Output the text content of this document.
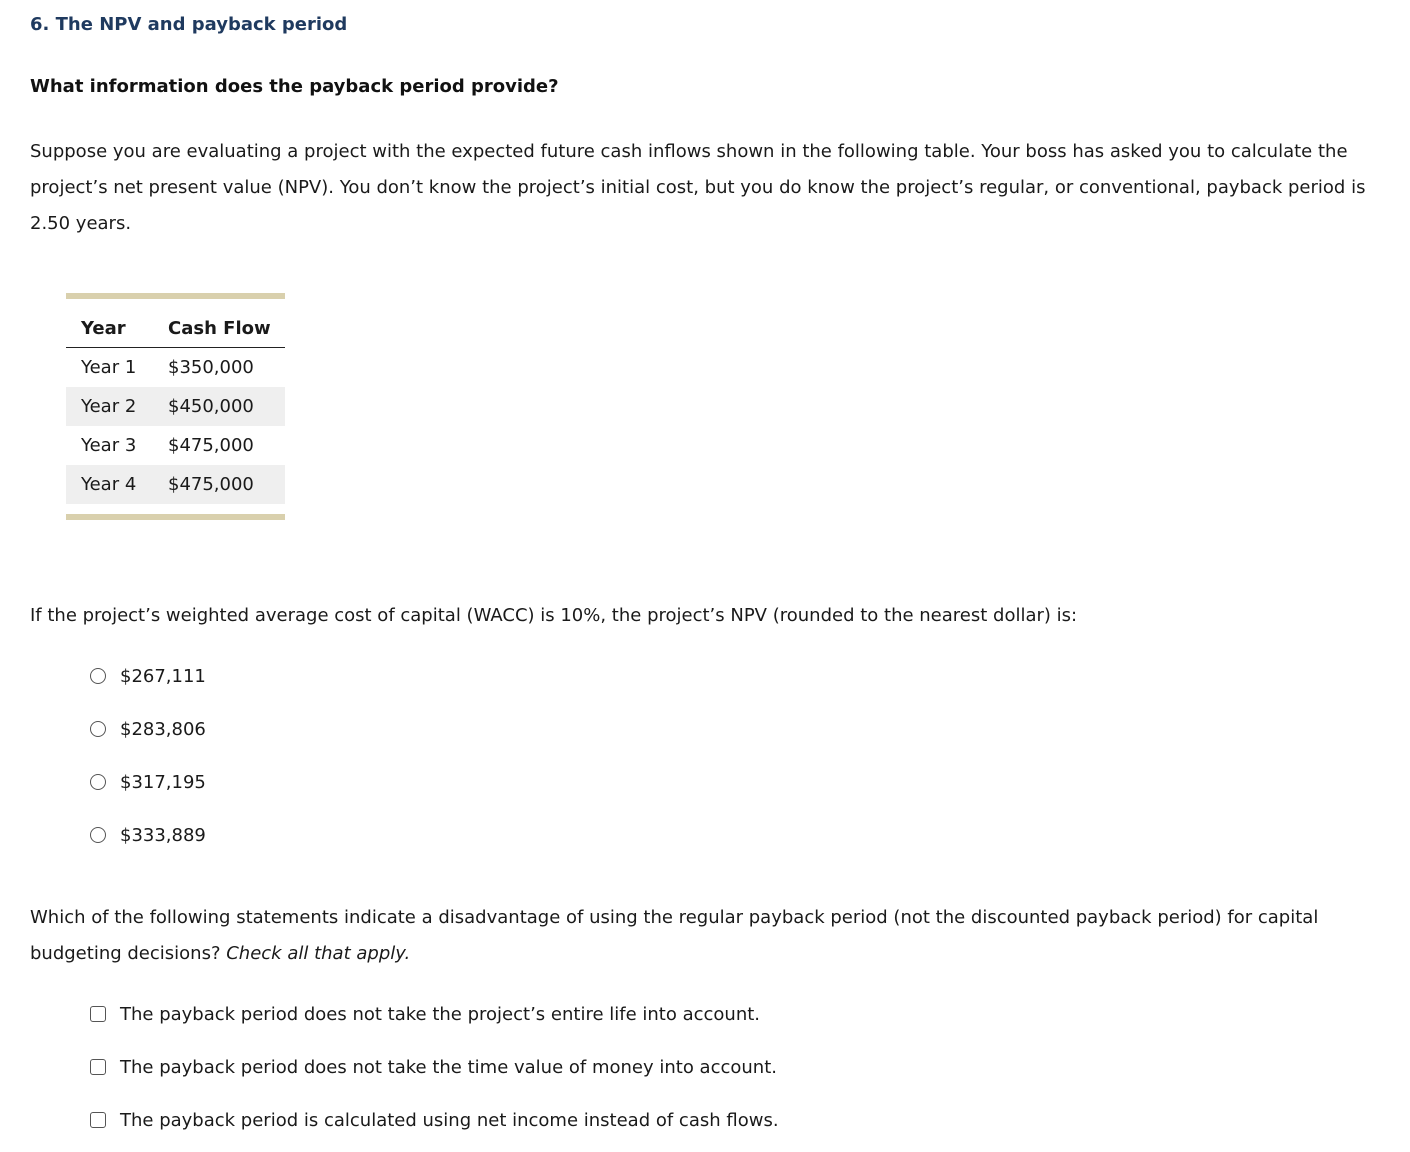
6. The NPV and payback period
What information does the payback period provide?
Suppose you are evaluating a project with the expected future cash inflows shown in the following table. Your boss has asked you to calculate the
project’s net present value (NPV). You don’t know the project’s initial cost, but you do know the project’s regular, or conventional, payback period is
2.50 years.
Year	Cash Flow
Year 1	$350,000
Year 2	$450,000
Year 3	$475,000
Year 4	$475,000
If the project’s weighted average cost of capital (WACC) is 10%, the project’s NPV (rounded to the nearest dollar) is:
$267,111
$283,806
$317,195
$333,889
Which of the following statements indicate a disadvantage of using the regular payback period (not the discounted payback period) for capital
budgeting decisions? Check all that apply.
The payback period does not take the project’s entire life into account.
The payback period does not take the time value of money into account.
The payback period is calculated using net income instead of cash flows.
